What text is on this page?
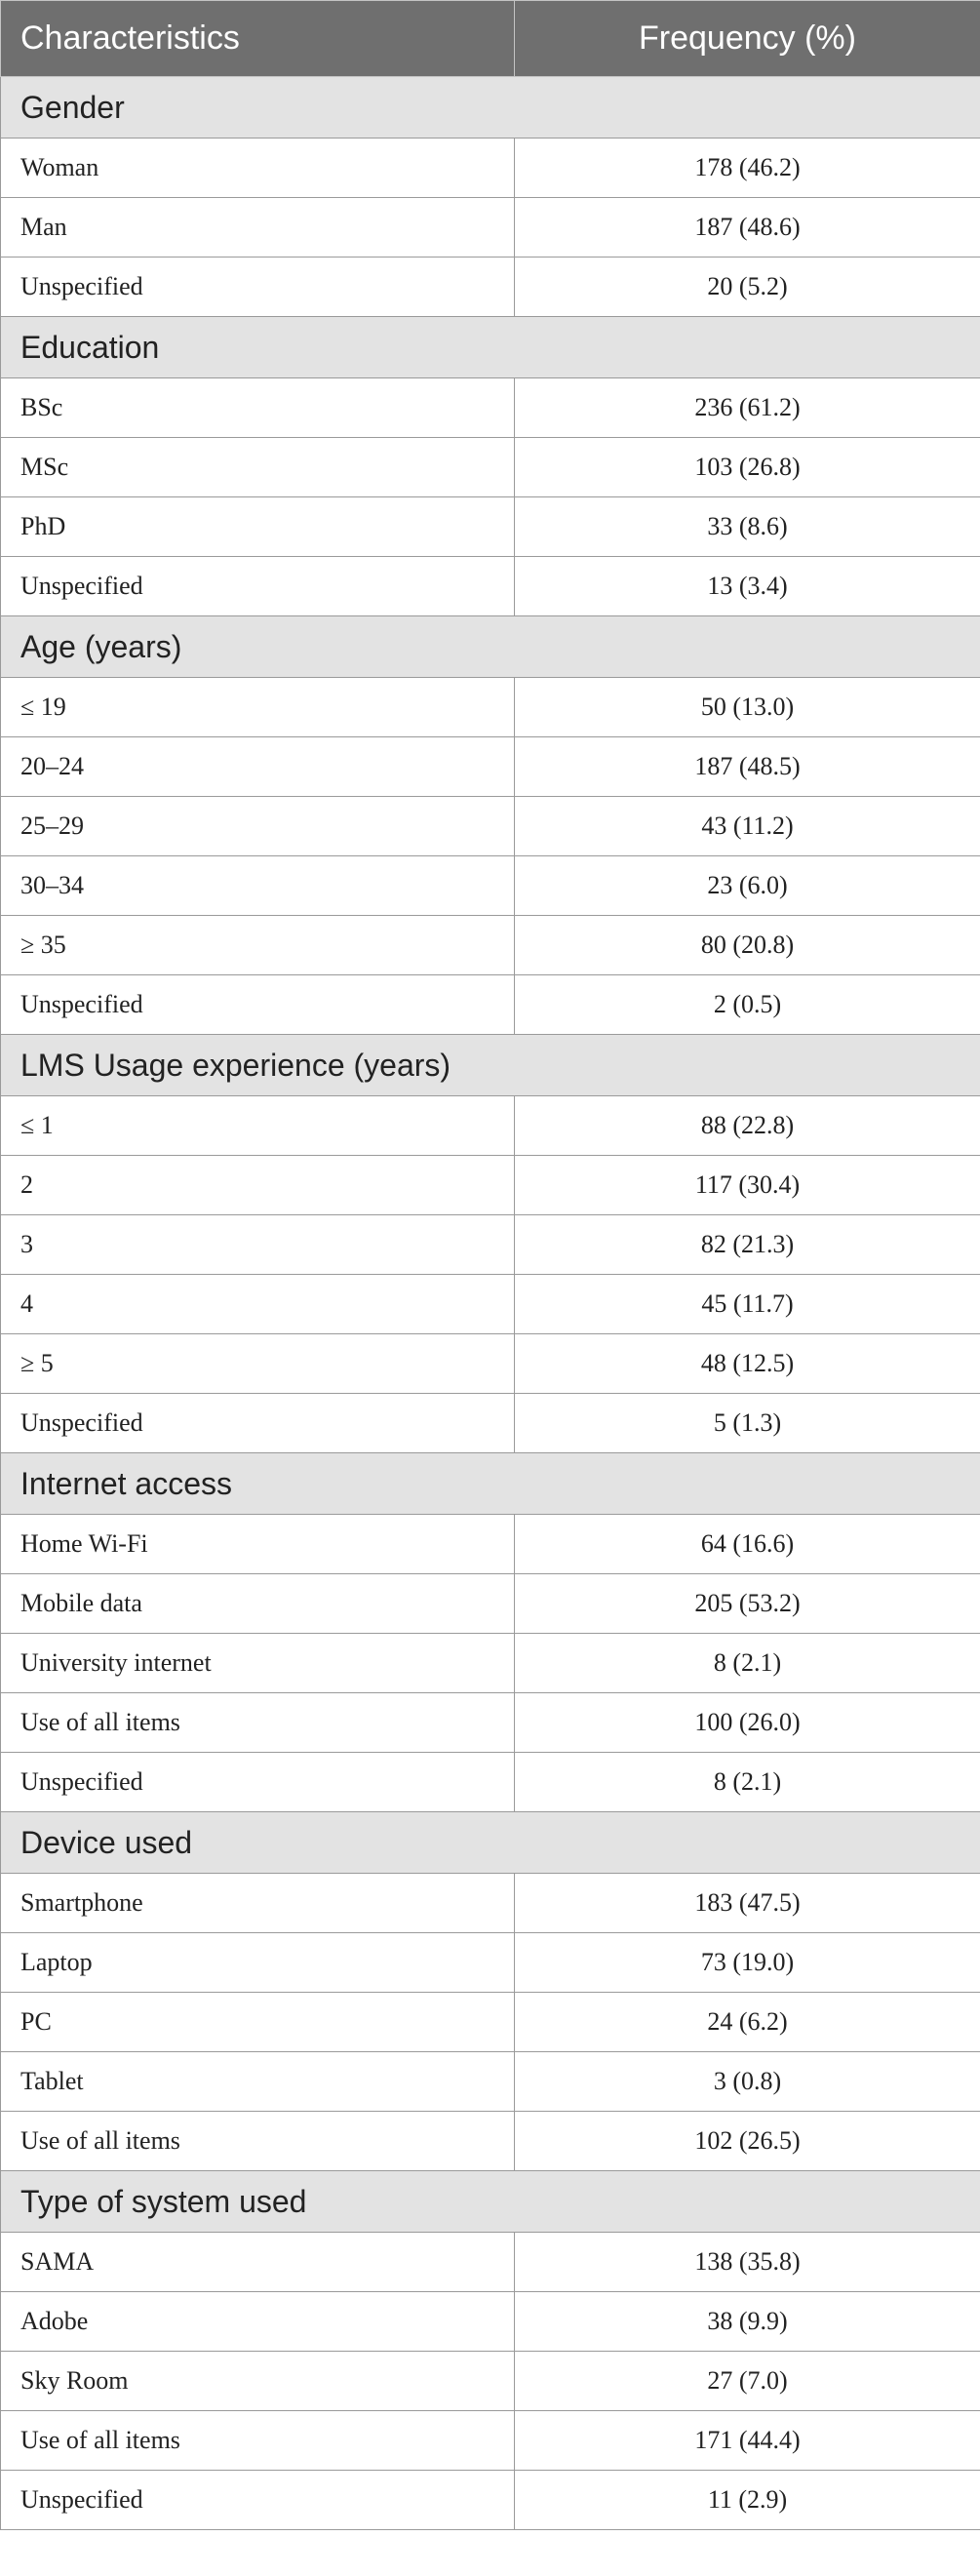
Characteristics	Frequency (%)
Gender	
Woman	178 (46.2)
Man	187 (48.6)
Unspecified	20 (5.2)
Education	
BSc	236 (61.2)
MSc	103 (26.8)
PhD	33 (8.6)
Unspecified	13 (3.4)
Age (years)	
≤ 19	50 (13.0)
20–24	187 (48.5)
25–29	43 (11.2)
30–34	23 (6.0)
≥ 35	80 (20.8)
Unspecified	2 (0.5)
LMS Usage experience (years)	
≤ 1	88 (22.8)
2	117 (30.4)
3	82 (21.3)
4	45 (11.7)
≥ 5	48 (12.5)
Unspecified	5 (1.3)
Internet access	
Home Wi-Fi	64 (16.6)
Mobile data	205 (53.2)
University internet	8 (2.1)
Use of all items	100 (26.0)
Unspecified	8 (2.1)
Device used	
Smartphone	183 (47.5)
Laptop	73 (19.0)
PC	24 (6.2)
Tablet	3 (0.8)
Use of all items	102 (26.5)
Type of system used	
SAMA	138 (35.8)
Adobe	38 (9.9)
Sky Room	27 (7.0)
Use of all items	171 (44.4)
Unspecified	11 (2.9)
